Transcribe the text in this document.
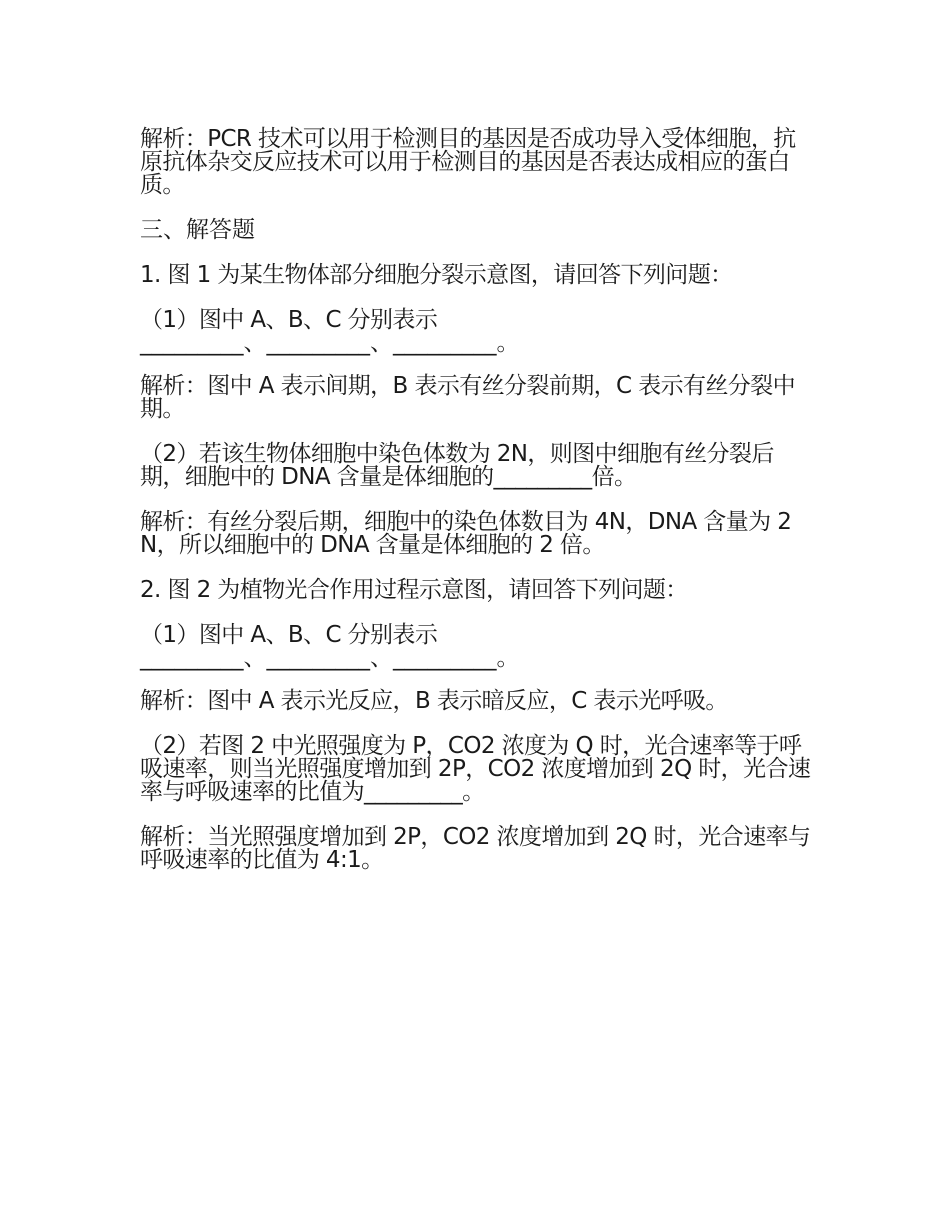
解析：PCR 技术可以用于检测目的基因是否成功导入受体细胞，抗原抗体杂交反应技术可以用于检测目的基因是否表达成相应的蛋白质。

三、解答题

1. 图 1 为某生物体部分细胞分裂示意图，请回答下列问题：

（1）图中 A、B、C 分别表示
_________、_________、_________。

解析：图中 A 表示间期，B 表示有丝分裂前期，C 表示有丝分裂中期。

（2）若该生物体细胞中染色体数为 2N，则图中细胞有丝分裂后期，细胞中的 DNA 含量是体细胞的_________倍。

解析：有丝分裂后期，细胞中的染色体数目为 4N，DNA 含量为 2N，所以细胞中的 DNA 含量是体细胞的 2 倍。

2. 图 2 为植物光合作用过程示意图，请回答下列问题：

（1）图中 A、B、C 分别表示
_________、_________、_________。

解析：图中 A 表示光反应，B 表示暗反应，C 表示光呼吸。

（2）若图 2 中光照强度为 P，CO2 浓度为 Q 时，光合速率等于呼吸速率，则当光照强度增加到 2P，CO2 浓度增加到 2Q 时，光合速率与呼吸速率的比值为_________。

解析：当光照强度增加到 2P，CO2 浓度增加到 2Q 时，光合速率与呼吸速率的比值为 4:1。
